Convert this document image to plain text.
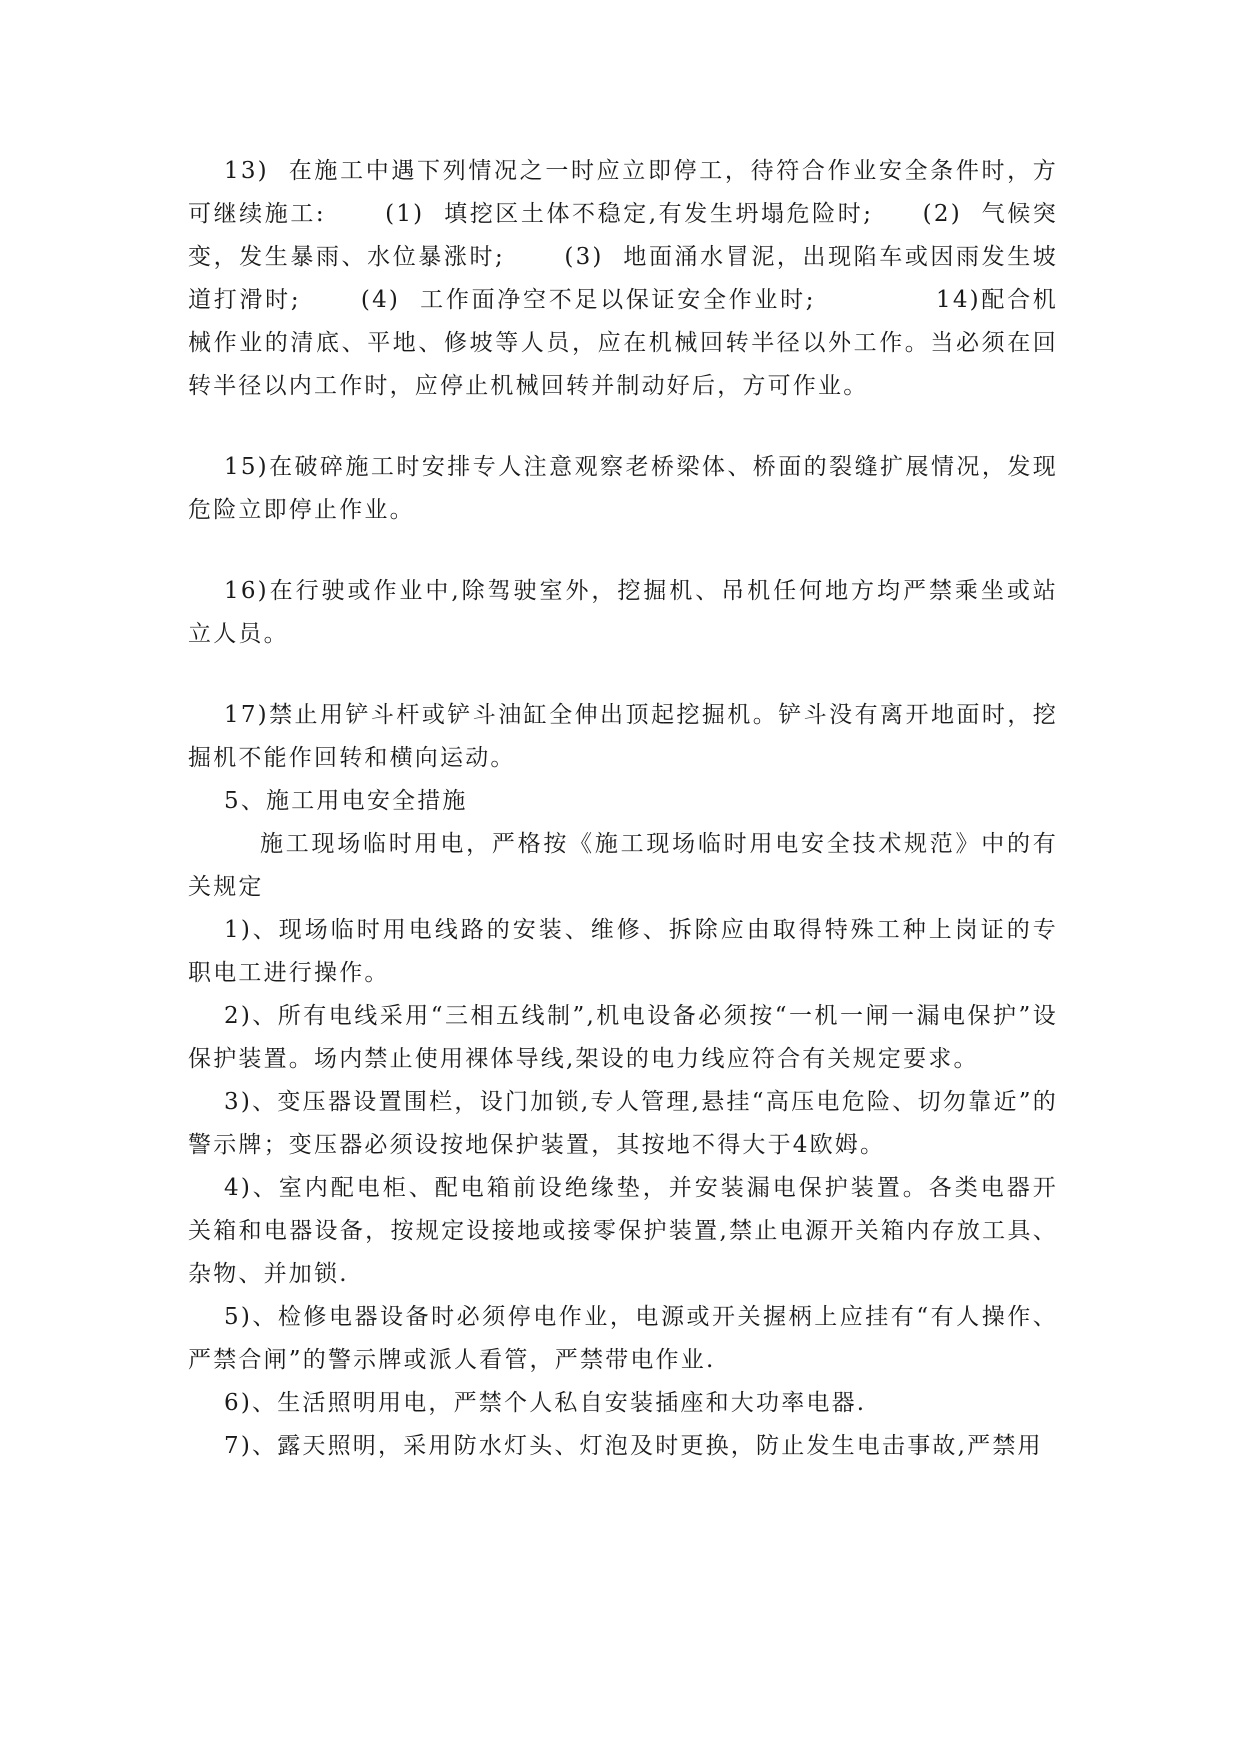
13)  在施工中遇下列情况之一时应立即停工，待符合作业安全条件时，方可继续施工:      (1)  填挖区土体不稳定,有发生坍塌危险时;     (2)  气候突变，发生暴雨、水位暴涨时;      (3)  地面涌水冒泥，出现陷车或因雨发生坡道打滑时;      (4)  工作面净空不足以保证安全作业时;            14)配合机械作业的清底、平地、修坡等人员，应在机械回转半径以外工作。当必须在回转半径以内工作时，应停止机械回转并制动好后，方可作业。

15)在破碎施工时安排专人注意观察老桥梁体、桥面的裂缝扩展情况，发现危险立即停止作业。

16)在行驶或作业中,除驾驶室外，挖掘机、吊机任何地方均严禁乘坐或站立人员。

17)禁止用铲斗杆或铲斗油缸全伸出顶起挖掘机。铲斗没有离开地面时，挖掘机不能作回转和横向运动。

5、施工用电安全措施

施工现场临时用电，严格按《施工现场临时用电安全技术规范》中的有关规定

1)、现场临时用电线路的安装、维修、拆除应由取得特殊工种上岗证的专职电工进行操作。

2)、所有电线采用“三相五线制”,机电设备必须按“一机一闸一漏电保护”设保护装置。场内禁止使用裸体导线,架设的电力线应符合有关规定要求。

3)、变压器设置围栏，设门加锁,专人管理,悬挂“高压电危险、切勿靠近”的警示牌；变压器必须设按地保护装置，其按地不得大于4欧姆。

4)、室内配电柜、配电箱前设绝缘垫，并安装漏电保护装置。各类电器开关箱和电器设备，按规定设接地或接零保护装置,禁止电源开关箱内存放工具、杂物、并加锁.

5)、检修电器设备时必须停电作业，电源或开关握柄上应挂有“有人操作、严禁合闸”的警示牌或派人看管，严禁带电作业.

6)、生活照明用电，严禁个人私自安装插座和大功率电器.

7)、露天照明，采用防水灯头、灯泡及时更换，防止发生电击事故,严禁用
